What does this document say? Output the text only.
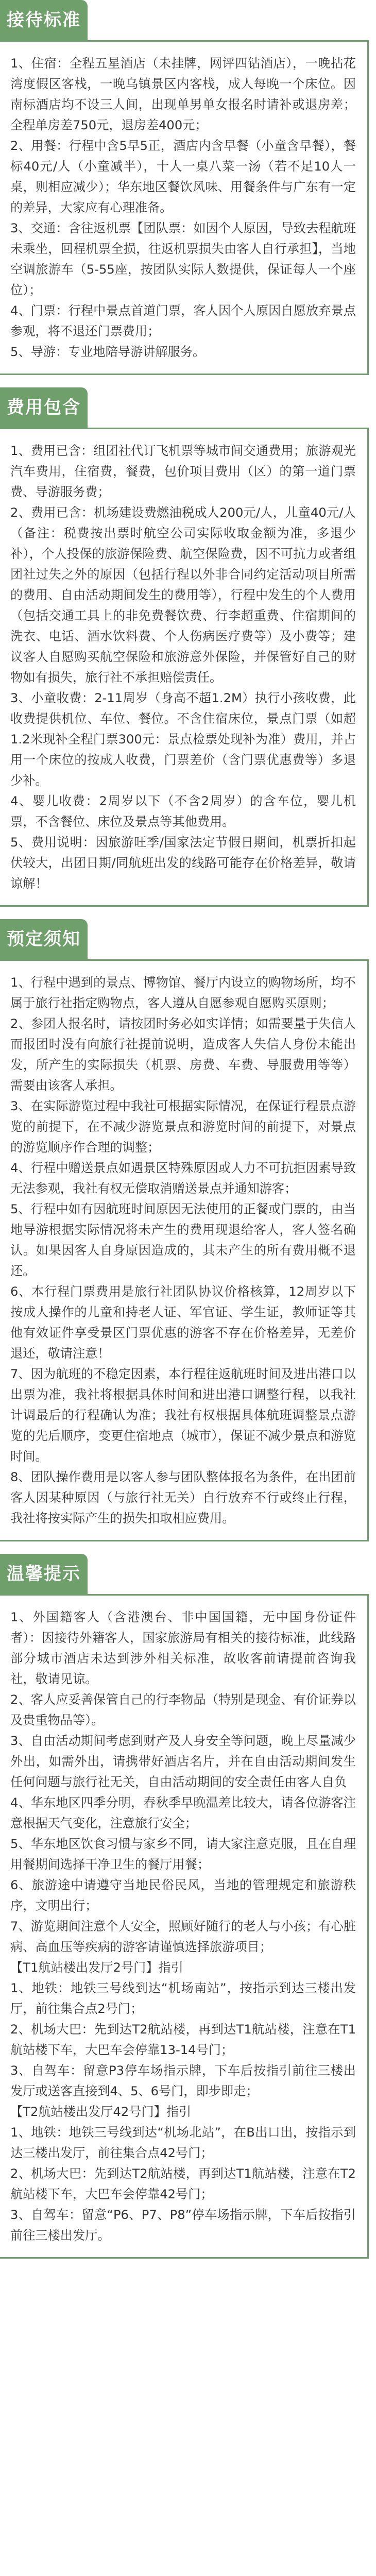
接待标准

1、住宿：全程五星酒店（未挂牌，网评四钻酒店），一晚拈花湾度假区客栈，一晚乌镇景区内客栈，成人每晚一个床位。因南标酒店均不设三人间，出现单男单女报名时请补或退房差；全程单房差750元，退房差400元；

2、用餐：行程中含5早5正，酒店内含早餐（小童含早餐），餐标40元/人（小童减半），十人一桌八菜一汤（若不足10人一桌，则相应减少）；华东地区餐饮风味、用餐条件与广东有一定的差异，大家应有心理准备。

3、交通：含往返机票【团队票：如因个人原因，导致去程航班未乘坐，回程机票全损，往返机票损失由客人自行承担】，当地空调旅游车（5-55座，按团队实际人数提供，保证每人一个座位）；

4、门票：行程中景点首道门票，客人因个人原因自愿放弃景点参观，将不退还门票费用；

5、导游：专业地陪导游讲解服务。

费用包含

1、费用已含：组团社代订飞机票等城市间交通费用；旅游观光汽车费用，住宿费，餐费，包价项目费用（区）的第一道门票费、导游服务费；

2、费用已含：机场建设费燃油税成人200元/人，儿童40元/人（备注：税费按出票时航空公司实际收取金额为准，多退少补），个人投保的旅游保险费、航空保险费，因不可抗力或者组团社过失之外的原因（包括行程以外非合同约定活动项目所需的费用、自由活动期间发生的费用等），行程中发生的个人费用（包括交通工具上的非免费餐饮费、行李超重费、住宿期间的洗衣、电话、酒水饮料费、个人伤病医疗费等）及小费等；建议客人自愿购买航空保险和旅游意外保险，并保管好自己的财物如有损失，旅行社不承担赔偿责任。

3、小童收费：2-11周岁（身高不超1.2M）执行小孩收费，此收费提供机位、车位、餐位。不含住宿床位，景点门票（如超1.2米现补全程门票300元：景点检票处现补为准）费用，并占用一个床位的按成人收费，门票差价（含门票优惠费等）多退少补。

4、婴儿收费：2周岁以下（不含2周岁）的含车位，婴儿机票，不含餐位、床位及景点等其他费用。

5、费用说明：因旅游旺季/国家法定节假日期间，机票折扣起伏较大，出团日期/同航班出发的线路可能存在价格差异，敬请谅解！

预定须知

1、行程中遇到的景点、博物馆、餐厅内设立的购物场所，均不属于旅行社指定购物点，客人遵从自愿参观自愿购买原则；

2、参团人报名时，请按团时务必如实详情；如需要量于失信人而报团时没有向旅行社提前说明，造成客人失信人身份未能出发，所产生的实际损失（机票、房费、车费、导服费用等等）需要由该客人承担。

3、在实际游览过程中我社可根据实际情况，在保证行程景点游览的前提下，在不减少游览景点和游览时间的前提下，对景点的游览顺序作合理的调整；

4、行程中赠送景点如遇景区特殊原因或人力不可抗拒因素导致无法参观，我社有权无偿取消赠送景点并通知游客；

5、行程中如有因航班时间原因无法使用的正餐或门票的，由当地导游根据实际情况将未产生的费用现退给客人，客人签名确认。如果因客人自身原因造成的，其未产生的所有费用概不退还。

6、本行程门票费用是旅行社团队协议价格核算，12周岁以下按成人操作的儿童和持老人证、军官证、学生证，教师证等其他有效证件享受景区门票优惠的游客不存在价格差异，无差价退还，敬请注意！

7、因为航班的不稳定因素，本行程往返航班时间及进出港口以出票为准，我社将根据具体时间和进出港口调整行程，以我社计调最后的行程确认为准；我社有权根据具体航班调整景点游览的先后顺序，变更住宿地点（城市），保证不减少景点和游览时间。

8、团队操作费用是以客人参与团队整体报名为条件，在出团前客人因某种原因（与旅行社无关）自行放弃不行或终止行程，我社将按实际产生的损失扣取相应费用。

温馨提示

1、外国籍客人（含港澳台、非中国国籍，无中国身份证件者）：因接待外籍客人，国家旅游局有相关的接待标准，此线路部分城市酒店未达到涉外相关标准，故收客前请提前咨询我社，敬请见谅。

2、客人应妥善保管自己的行李物品（特别是现金、有价证券以及贵重物品等）。

3、自由活动期间考虑到财产及人身安全等问题，晚上尽量减少外出，如需外出，请携带好酒店名片，并在自由活动期间发生任何问题与旅行社无关，自由活动期间的安全责任由客人自负

4、华东地区四季分明，春秋季早晚温差比较大，请各位游客注意根据天气变化，注意旅行安全；

5、华东地区饮食习惯与家乡不同，请大家注意克服，且在自理用餐期间选择干净卫生的餐厅用餐；

6、旅游途中请遵守当地民俗民风，当地的管理规定和旅游秩序，文明出行；

7、游览期间注意个人安全，照顾好随行的老人与小孩；有心脏病、高血压等疾病的游客请谨慎选择旅游项目；

【T1航站楼出发厅2号门】指引

1、地铁：地铁三号线到达“机场南站”，按指示到达三楼出发厅，前往集合点2号门；

2、机场大巴：先到达T2航站楼，再到达T1航站楼，注意在T1航站楼下车，大巴车会停靠13-14号门；

3、自驾车：留意P3停车场指示牌，下车后按指引前往三楼出发厅或送客直接到4、5、6号门，即步即走；

【T2航站楼出发厅42号门】指引

1、地铁：地铁三号线到达“机场北站”，在B出口出，按指示到达三楼出发厅，前往集合点42号门；

2、机场大巴：先到达T2航站楼，再到达T1航站楼，注意在T2航站楼下车，大巴车会停靠42号门；

3、自驾车：留意“P6、P7、P8”停车场指示牌，下车后按指引前往三楼出发厅。
